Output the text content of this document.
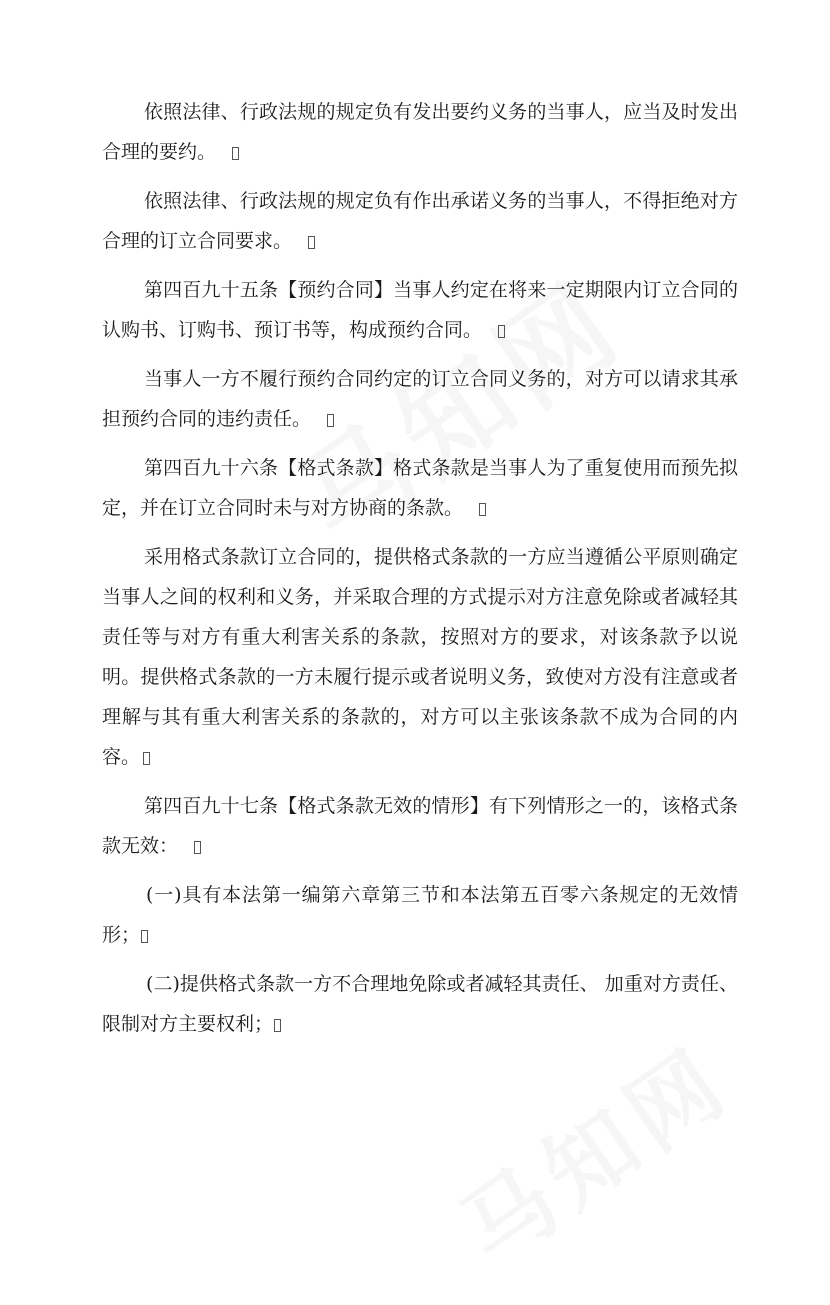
依照法律、行政法规的规定负有发出要约义务的当事人，应当及时发出合理的要约。

依照法律、行政法规的规定负有作出承诺义务的当事人，不得拒绝对方合理的订立合同要求。

第四百九十五条【预约合同】当事人约定在将来一定期限内订立合同的认购书、订购书、预订书等，构成预约合同。

当事人一方不履行预约合同约定的订立合同义务的，对方可以请求其承担预约合同的违约责任。

第四百九十六条【格式条款】格式条款是当事人为了重复使用而预先拟定，并在订立合同时未与对方协商的条款。

采用格式条款订立合同的，提供格式条款的一方应当遵循公平原则确定当事人之间的权利和义务，并采取合理的方式提示对方注意免除或者减轻其责任等与对方有重大利害关系的条款，按照对方的要求，对该条款予以说明。提供格式条款的一方未履行提示或者说明义务，致使对方没有注意或者理解与其有重大利害关系的条款的，对方可以主张该条款不成为合同的内容。

第四百九十七条【格式条款无效的情形】有下列情形之一的，该格式条款无效：

(一)具有本法第一编第六章第三节和本法第五百零六条规定的无效情形；

(二)提供格式条款一方不合理地免除或者减轻其责任、 加重对方责任、限制对方主要权利；
